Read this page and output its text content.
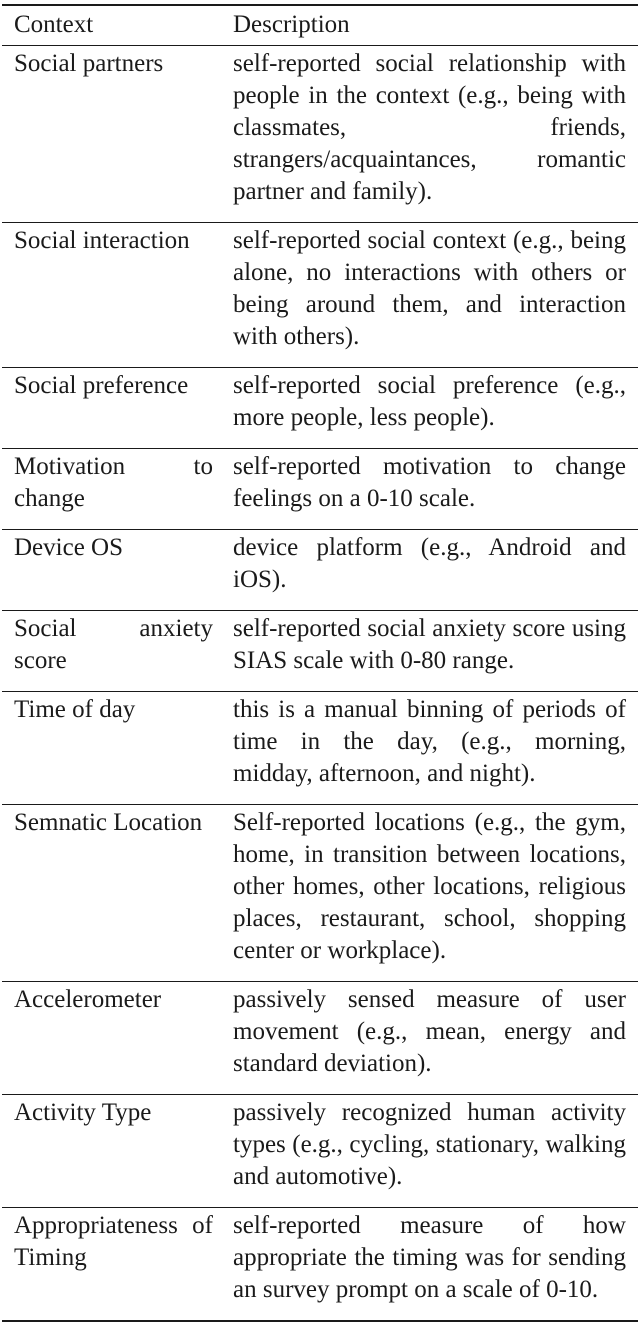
Context	Description
Social partners	self-reported social relationship with people in the context (e.g., being with classmates, friends, strangers/acquaintances, romantic partner and family).
Social interaction	self-reported social context (e.g., being alone, no interactions with others or being around them, and interaction with others).
Social preference	self-reported social preference (e.g., more people, less people).
Motivation to change	self-reported motivation to change feelings on a 0-10 scale.
Device OS	device platform (e.g., Android and iOS).
Social anxiety score	self-reported social anxiety score using SIAS scale with 0-80 range.
Time of day	this is a manual binning of periods of time in the day, (e.g., morning, midday, afternoon, and night).
Semnatic Location	Self-reported locations (e.g., the gym, home, in transition between locations, other homes, other locations, religious places, restaurant, school, shopping center or workplace).
Accelerometer	passively sensed measure of user movement (e.g., mean, energy and standard deviation).
Activity Type	passively recognized human activity types (e.g., cycling, stationary, walking and automotive).
Appropriateness of Timing	self-reported measure of how appropriate the timing was for sending an survey prompt on a scale of 0-10.
